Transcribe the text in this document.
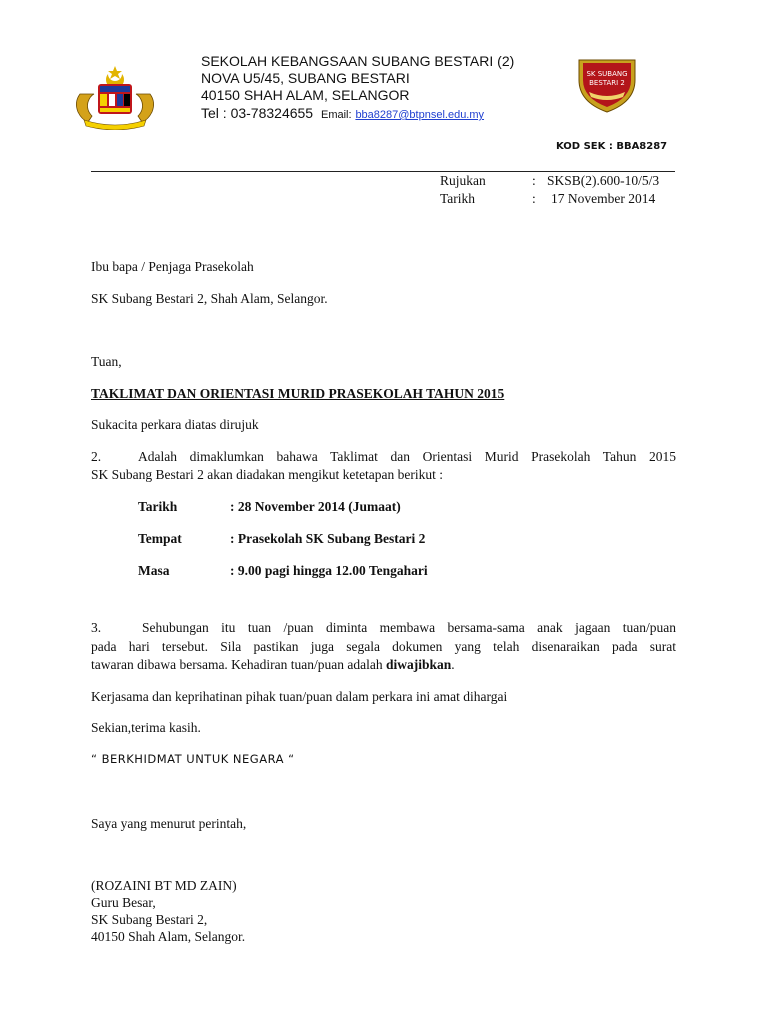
SEKOLAH KEBANGSAAN SUBANG BESTARI (2)
NOVA U5/45, SUBANG BESTARI
40150 SHAH ALAM, SELANGOR
Tel : 03-78324655 Email: bba8287@btpnsel.edu.my
SK SUBANG
BESTARI 2
KOD SEK : BBA8287
Rujukan	: SKSB(2).600-10/5/3
Tarikh	: 17 November 2014
Ibu bapa / Penjaga Prasekolah
SK Subang Bestari 2, Shah Alam, Selangor.
Tuan,
TAKLIMAT DAN ORIENTASI MURID PRASEKOLAH TAHUN 2015
Sukacita perkara diatas dirujuk
2.	Adalah dimaklumkan bahawa Taklimat dan Orientasi Murid Prasekolah Tahun 2015
SK Subang Bestari 2 akan diadakan mengikut ketetapan berikut :
Tarikh	: 28 November 2014 (Jumaat)
Tempat	: Prasekolah SK Subang Bestari 2
Masa	: 9.00 pagi hingga 12.00 Tengahari
3.	Sehubungan itu tuan /puan diminta membawa bersama-sama anak jagaan tuan/puan
pada hari tersebut. Sila pastikan juga segala dokumen yang telah disenaraikan pada surat
tawaran dibawa bersama. Kehadiran tuan/puan adalah diwajibkan.
Kerjasama dan keprihatinan pihak tuan/puan dalam perkara ini amat dihargai
Sekian,terima kasih.
“ BERKHIDMAT UNTUK NEGARA “
Saya yang menurut perintah,
(ROZAINI BT MD ZAIN)
Guru Besar,
SK Subang Bestari 2,
40150 Shah Alam, Selangor.
